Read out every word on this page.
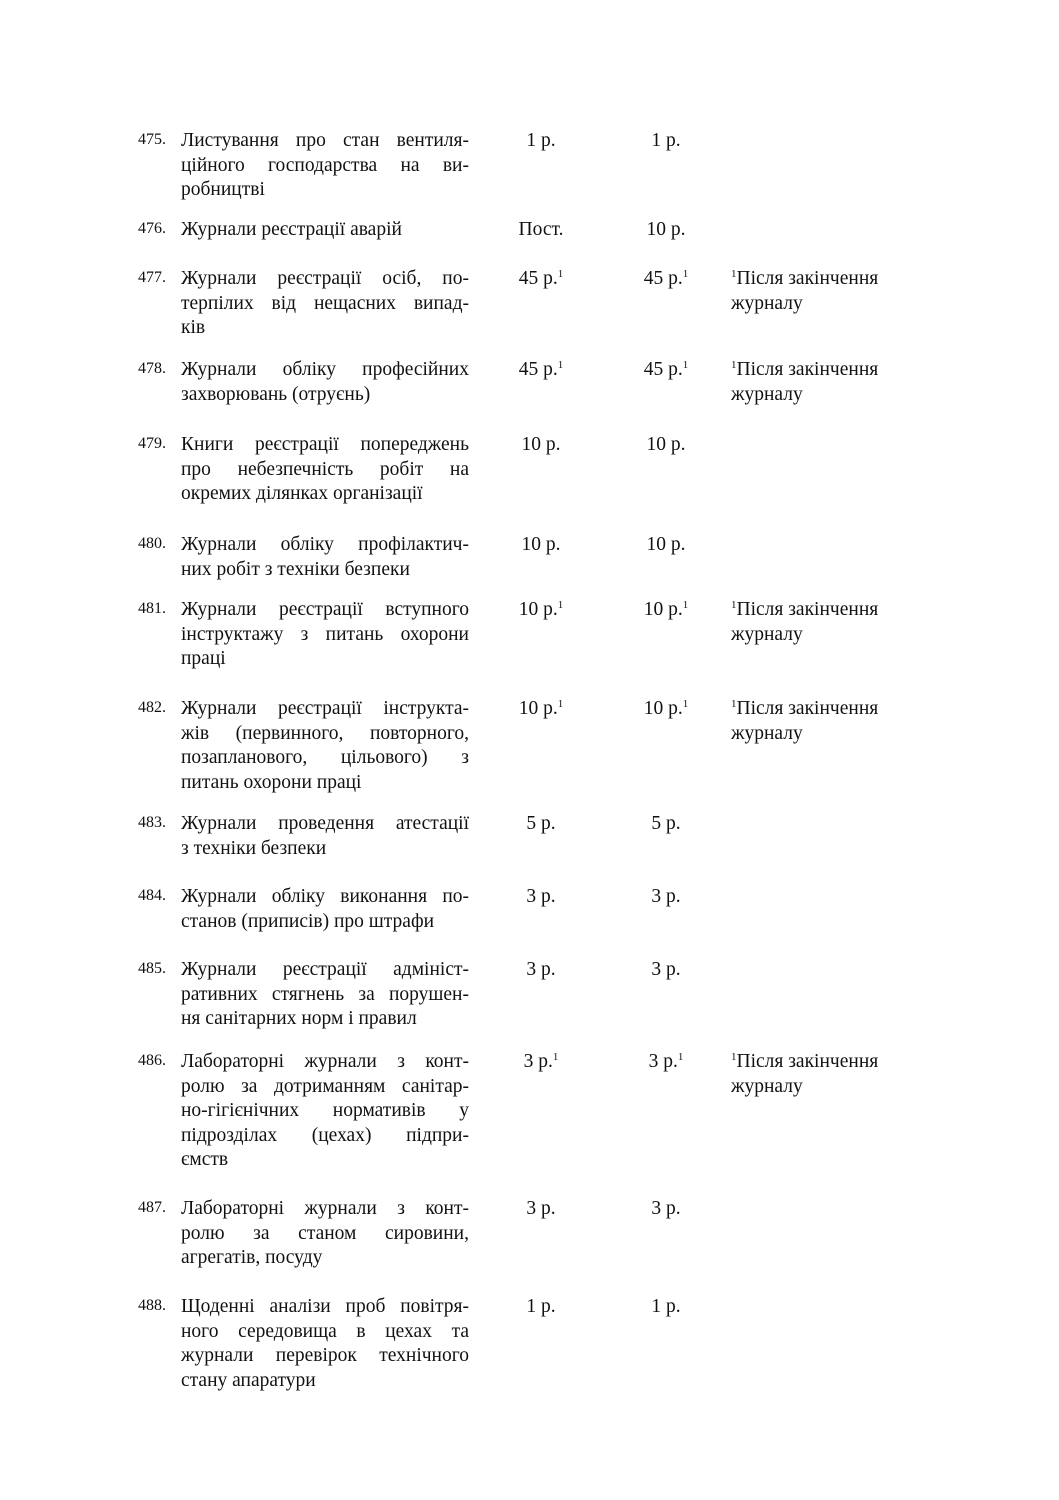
475. Листування про стан вентиля-
ційного господарства на ви-
робництві
1 р.	1 р.
476. Журнали реєстрації аварій	Пост.	10 р.
477. Журнали реєстрації осіб, по-
терпілих від нещасних випад-
ків
45 р.$^1$	45 р.$^1$	$^1$Після закінчення
журналу
478. Журнали обліку професійних
захворювань (отруєнь)
45 р.$^1$	45 р.$^1$	$^1$Після закінчення
журналу
479. Книги реєстрації попереджень
про небезпечність робіт на
окремих ділянках організації
10 р.	10 р.
480. Журнали обліку профілактич-
них робіт з техніки безпеки
10 р.	10 р.
481. Журнали реєстрації вступного
інструктажу з питань охорони
праці
10 р.$^1$	10 р.$^1$	$^1$Після закінчення
журналу
482. Журнали реєстрації інструкта-
жів (первинного, повторного,
позапланового, цільового) з
питань охорони праці
10 р.$^1$	10 р.$^1$	$^1$Після закінчення
журналу
483. Журнали проведення атестації
з техніки безпеки
5 р.	5 р.
484. Журнали обліку виконання по-
станов (приписів) про штрафи
3 р.	3 р.
485. Журнали реєстрації адмініст-
ративних стягнень за порушен-
ня санітарних норм і правил
3 р.	3 р.
486. Лабораторні журнали з конт-
ролю за дотриманням санітар-
но-гігієнічних нормативів у
підрозділах (цехах) підпри-
ємств
3 р.$^1$	3 р.$^1$	$^1$Після закінчення
журналу
487. Лабораторні журнали з конт-
ролю за станом сировини,
агрегатів, посуду
3 р.	3 р.
488. Щоденні аналізи проб повітря-
ного середовища в цехах та
журнали перевірок технічного
стану апаратури
1 р.	1 р.
